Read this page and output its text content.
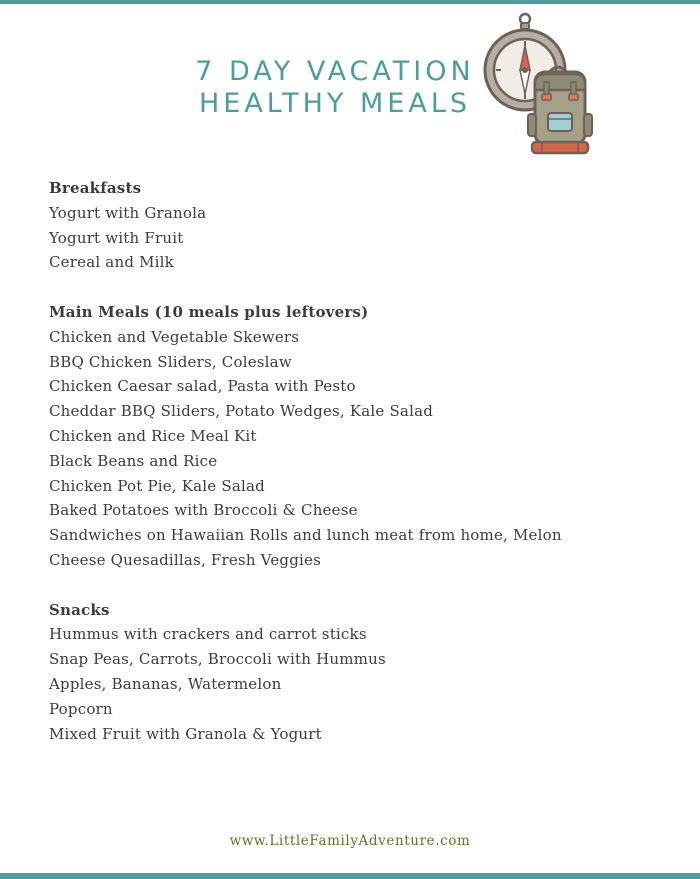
7 DAY VACATION
HEALTHY MEALS

Breakfasts

Yogurt with Granola

Yogurt with Fruit

Cereal and Milk

Main Meals (10 meals plus leftovers)

Chicken and Vegetable Skewers

BBQ Chicken Sliders, Coleslaw

Chicken Caesar salad, Pasta with Pesto

Cheddar BBQ Sliders, Potato Wedges, Kale Salad

Chicken and Rice Meal Kit

Black Beans and Rice

Chicken Pot Pie, Kale Salad

Baked Potatoes with Broccoli & Cheese

Sandwiches on Hawaiian Rolls and lunch meat from home, Melon

Cheese Quesadillas, Fresh Veggies

Snacks

Hummus with crackers and carrot sticks

Snap Peas, Carrots, Broccoli with Hummus

Apples, Bananas, Watermelon

Popcorn

Mixed Fruit with Granola & Yogurt

www.LittleFamilyAdventure.com
